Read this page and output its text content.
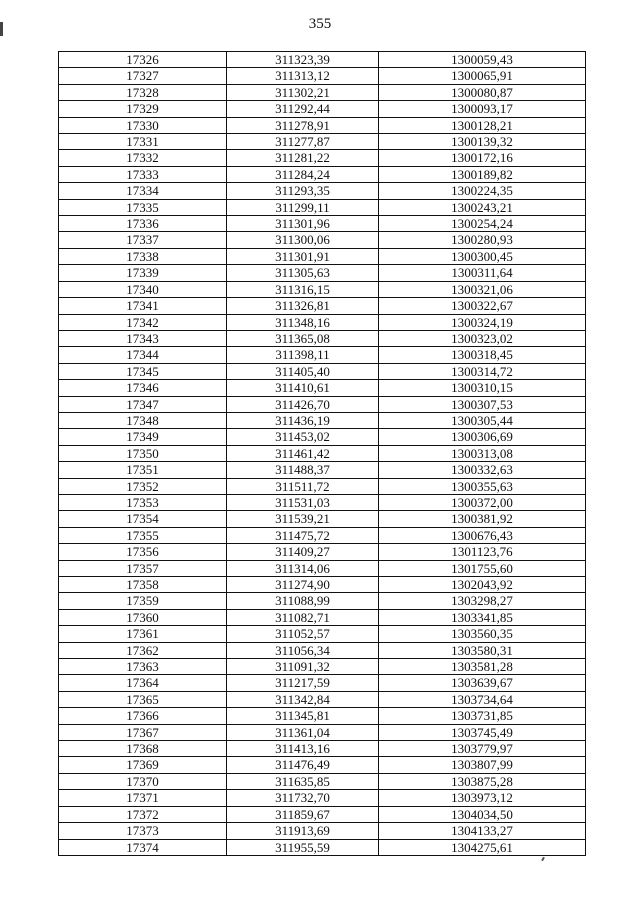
355
17326	311323,39	1300059,43
17327	311313,12	1300065,91
17328	311302,21	1300080,87
17329	311292,44	1300093,17
17330	311278,91	1300128,21
17331	311277,87	1300139,32
17332	311281,22	1300172,16
17333	311284,24	1300189,82
17334	311293,35	1300224,35
17335	311299,11	1300243,21
17336	311301,96	1300254,24
17337	311300,06	1300280,93
17338	311301,91	1300300,45
17339	311305,63	1300311,64
17340	311316,15	1300321,06
17341	311326,81	1300322,67
17342	311348,16	1300324,19
17343	311365,08	1300323,02
17344	311398,11	1300318,45
17345	311405,40	1300314,72
17346	311410,61	1300310,15
17347	311426,70	1300307,53
17348	311436,19	1300305,44
17349	311453,02	1300306,69
17350	311461,42	1300313,08
17351	311488,37	1300332,63
17352	311511,72	1300355,63
17353	311531,03	1300372,00
17354	311539,21	1300381,92
17355	311475,72	1300676,43
17356	311409,27	1301123,76
17357	311314,06	1301755,60
17358	311274,90	1302043,92
17359	311088,99	1303298,27
17360	311082,71	1303341,85
17361	311052,57	1303560,35
17362	311056,34	1303580,31
17363	311091,32	1303581,28
17364	311217,59	1303639,67
17365	311342,84	1303734,64
17366	311345,81	1303731,85
17367	311361,04	1303745,49
17368	311413,16	1303779,97
17369	311476,49	1303807,99
17370	311635,85	1303875,28
17371	311732,70	1303973,12
17372	311859,67	1304034,50
17373	311913,69	1304133,27
17374	311955,59	1304275,61
